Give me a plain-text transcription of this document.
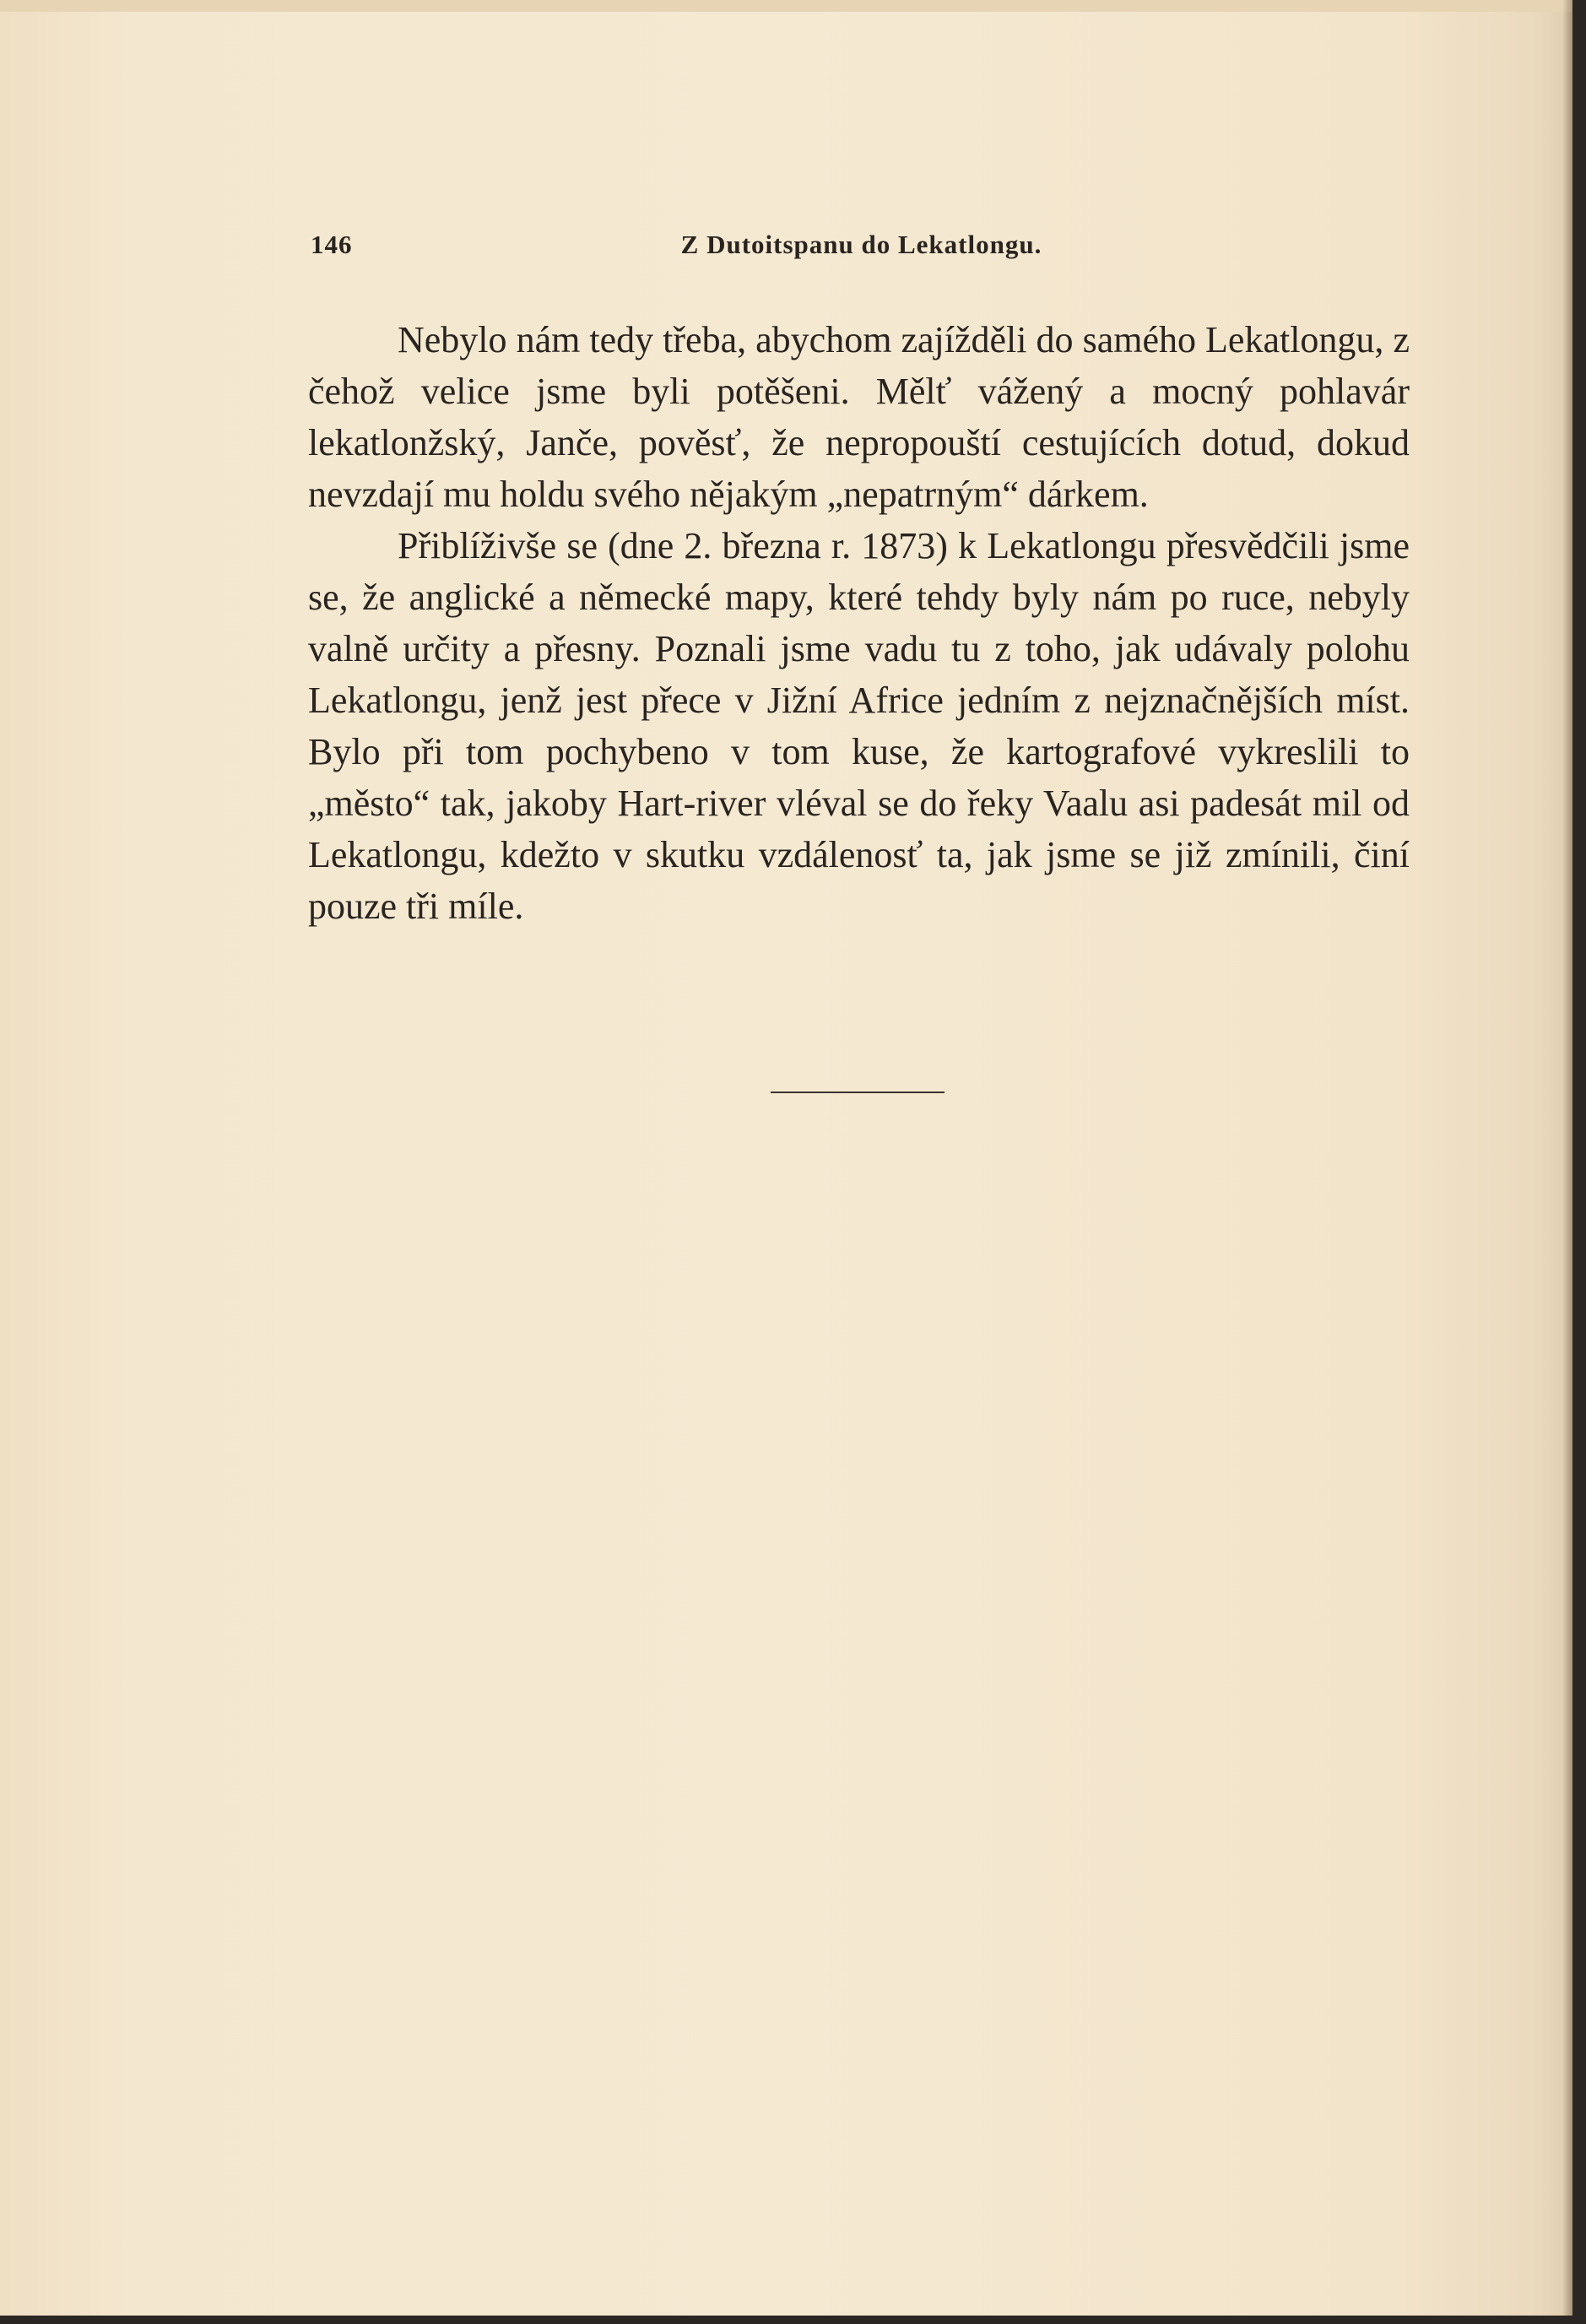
146	Z Dutoitspanu do Lekatlongu.

Nebylo nám tedy třeba, abychom zajížděli do samého Lekatlongu, z čehož velice jsme byli potěšeni. Mělť vážený a mocný pohlavár lekatlonžský, Janče, pověsť, že nepropouští cestujících dotud, dokud nevzdají mu holdu svého nějakým „nepatrným“ dárkem.

Přiblíživše se (dne 2. března r. 1873) k Lekatlongu přesvědčili jsme se, že anglické a německé mapy, které tehdy byly nám po ruce, nebyly valně určity a přesny. Poznali jsme vadu tu z toho, jak udávaly polohu Lekatlongu, jenž jest přece v Jižní Africe jedním z nejznačnějších míst. Bylo při tom pochybeno v tom kuse, že kartografové vykreslili to „město“ tak, jakoby Hart-river vléval se do řeky Vaalu asi padesát mil od Lekatlongu, kdežto v skutku vzdálenosť ta, jak jsme se již zmínili, činí pouze tři míle.
